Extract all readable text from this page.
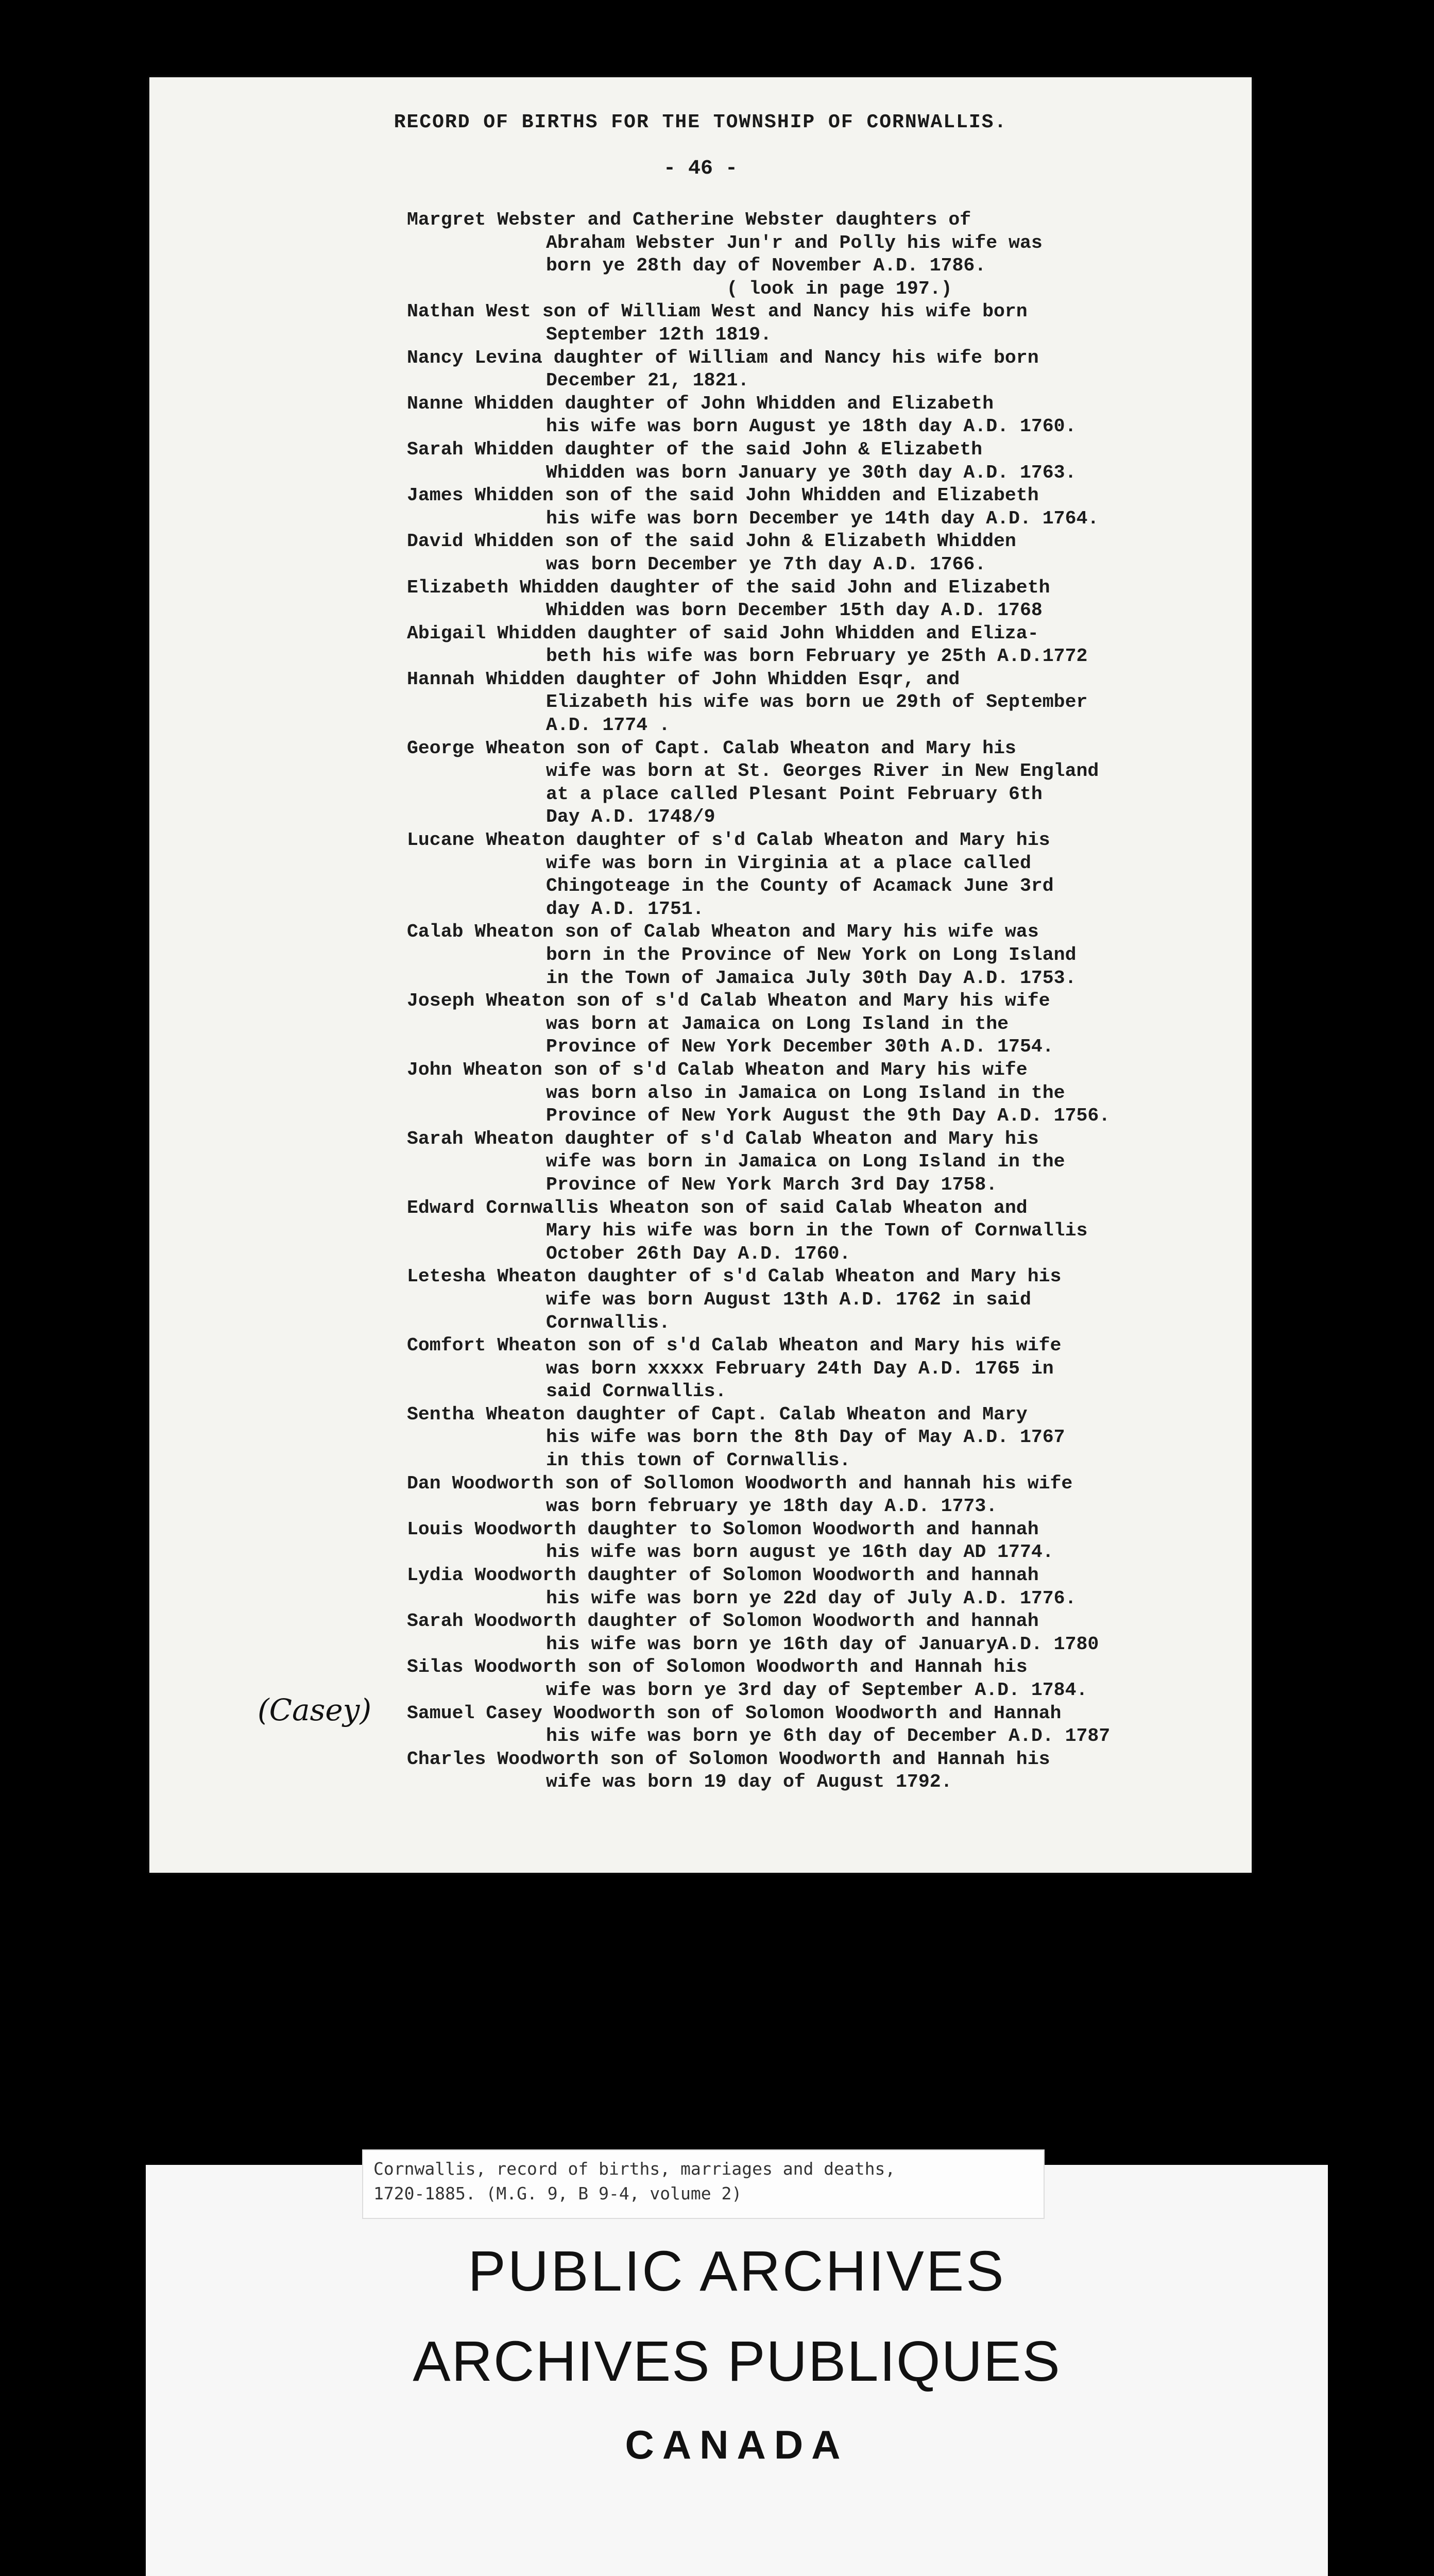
RECORD OF BIRTHS FOR THE TOWNSHIP OF CORNWALLIS.
- 46 -
Margret Webster and Catherine Webster daughters of
Abraham Webster Jun'r and Polly his wife was
born ye 28th day of November A.D. 1786.
( look in page 197.)
Nathan West son of William West and Nancy his wife born
September 12th 1819.
Nancy Levina daughter of William and Nancy his wife born
December 21, 1821.
Nanne Whidden daughter of John Whidden and Elizabeth
his wife was born August ye 18th day A.D. 1760.
Sarah Whidden daughter of the said John & Elizabeth
Whidden was born January ye 30th day A.D. 1763.
James Whidden son of the said John Whidden and Elizabeth
his wife was born December ye 14th day A.D. 1764.
David Whidden son of the said John & Elizabeth Whidden
was born December ye 7th day A.D. 1766.
Elizabeth Whidden daughter of the said John and Elizabeth
Whidden was born December 15th day A.D. 1768
Abigail Whidden daughter of said John Whidden and Eliza-
beth his wife was born February ye 25th A.D.1772
Hannah Whidden daughter of John Whidden Esqr, and
Elizabeth his wife was born ue 29th of September
A.D. 1774 .
George Wheaton son of Capt. Calab Wheaton and Mary his
wife was born at St. Georges River in New England
at a place called Plesant Point February 6th
Day A.D. 1748/9
Lucane Wheaton daughter of s'd Calab Wheaton and Mary his
wife was born in Virginia at a place called
Chingoteage in the County of Acamack June 3rd
day A.D. 1751.
Calab Wheaton son of Calab Wheaton and Mary his wife was
born in the Province of New York on Long Island
in the Town of Jamaica July 30th Day A.D. 1753.
Joseph Wheaton son of s'd Calab Wheaton and Mary his wife
was born at Jamaica on Long Island in the
Province of New York December 30th A.D. 1754.
John Wheaton son of s'd Calab Wheaton and Mary his wife
was born also in Jamaica on Long Island in the
Province of New York August the 9th Day A.D. 1756.
Sarah Wheaton daughter of s'd Calab Wheaton and Mary his
wife was born in Jamaica on Long Island in the
Province of New York March 3rd Day 1758.
Edward Cornwallis Wheaton son of said Calab Wheaton and
Mary his wife was born in the Town of Cornwallis
October 26th Day A.D. 1760.
Letesha Wheaton daughter of s'd Calab Wheaton and Mary his
wife was born August 13th A.D. 1762 in said
Cornwallis.
Comfort Wheaton son of s'd Calab Wheaton and Mary his wife
was born xxxxx February 24th Day A.D. 1765 in
said Cornwallis.
Sentha Wheaton daughter of Capt. Calab Wheaton and Mary
his wife was born the 8th Day of May A.D. 1767
in this town of Cornwallis.
Dan Woodworth son of Sollomon Woodworth and hannah his wife
was born february ye 18th day A.D. 1773.
Louis Woodworth daughter to Solomon Woodworth and hannah
his wife was born august ye 16th day AD 1774.
Lydia Woodworth daughter of Solomon Woodworth and hannah
his wife was born ye 22d day of July A.D. 1776.
Sarah Woodworth daughter of Solomon Woodworth and hannah
his wife was born ye 16th day of JanuaryA.D. 1780
Silas Woodworth son of Solomon Woodworth and Hannah his
wife was born ye 3rd day of September A.D. 1784.
Samuel Casey Woodworth son of Solomon Woodworth and Hannah
his wife was born ye 6th day of December A.D. 1787
Charles Woodworth son of Solomon Woodworth and Hannah his
wife was born 19 day of August 1792.
(Casey)
PUBLIC ARCHIVES
ARCHIVES PUBLIQUES
CANADA
Cornwallis, record of births, marriages and deaths,
1720-1885. (M.G. 9, B 9-4, volume 2)
